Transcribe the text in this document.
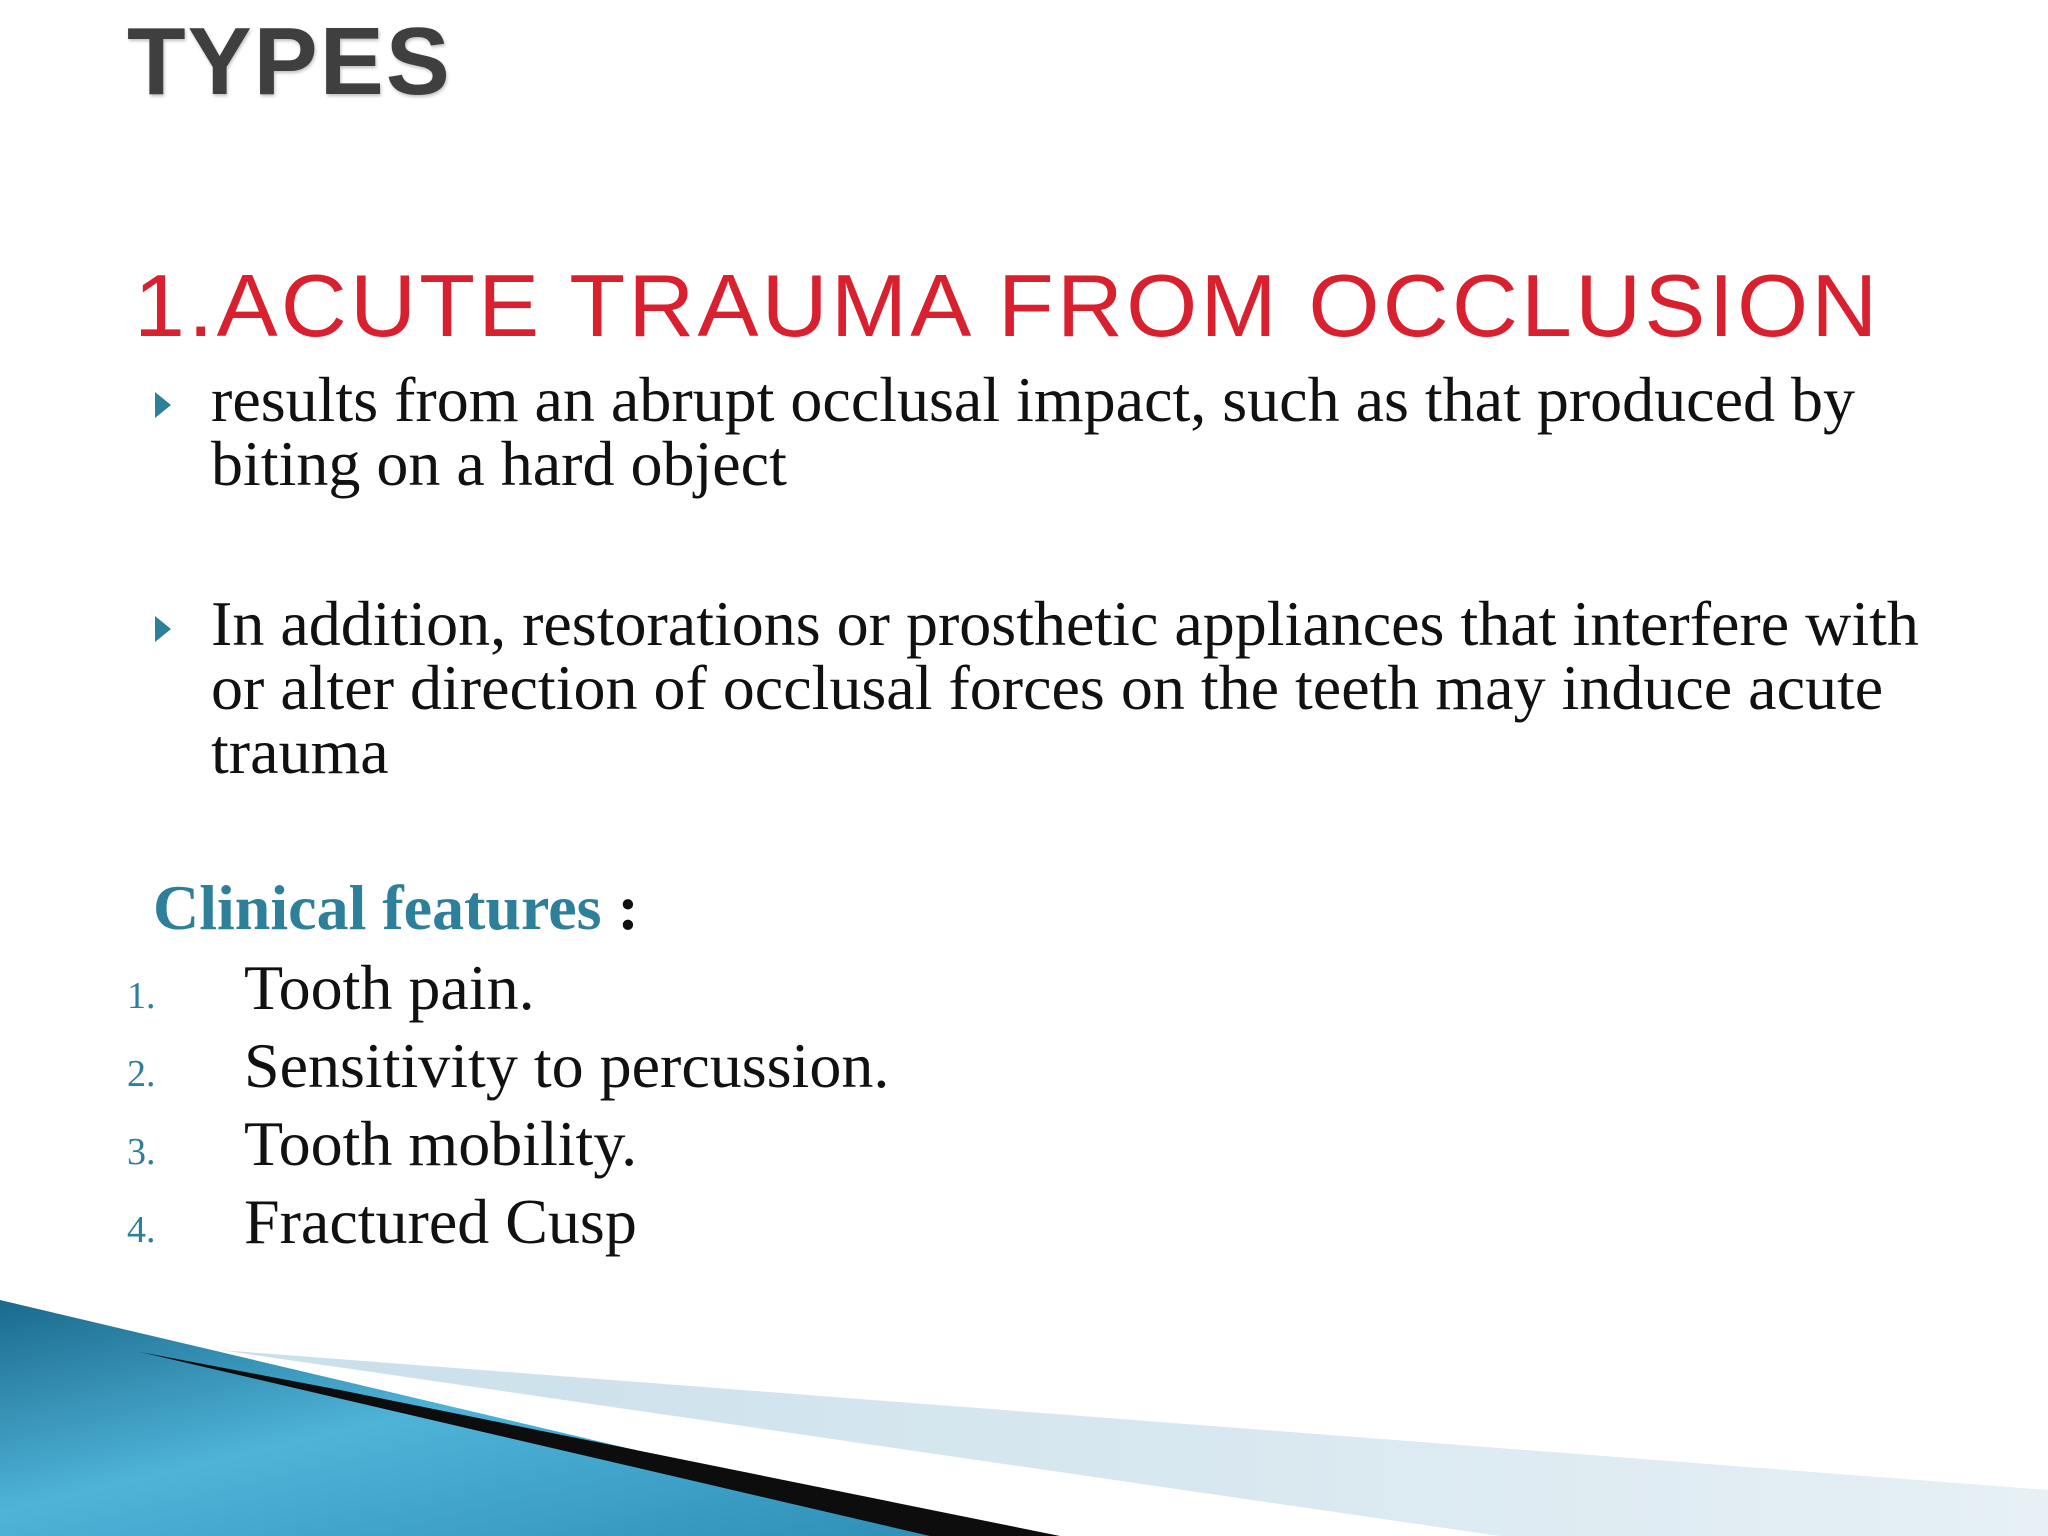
TYPES
1.ACUTE TRAUMA FROM OCCLUSION
results from an abrupt occlusal impact, such as that produced by biting on a hard object
In addition, restorations or prosthetic appliances that interfere with or alter direction of occlusal forces on the teeth may induce acute trauma
Clinical features :
1. Tooth pain.
2. Sensitivity to percussion.
3. Tooth mobility.
4. Fractured Cusp
